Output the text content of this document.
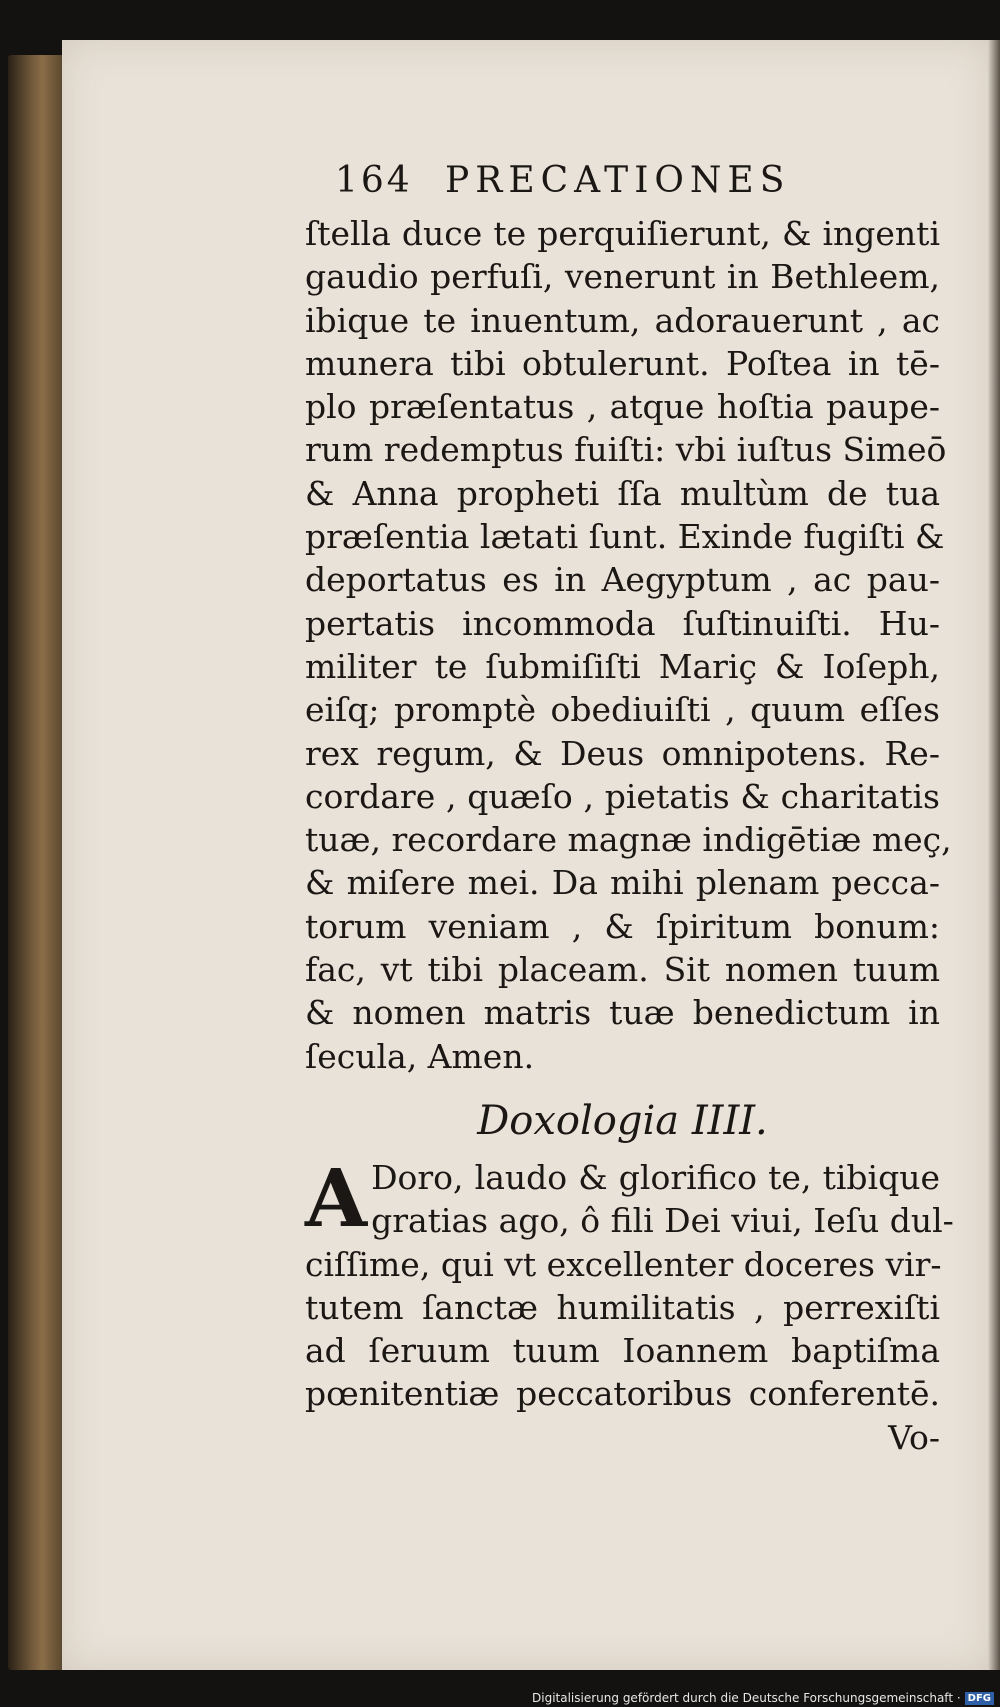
164 PRECATIONES
ſtella duce te perquiſierunt, & ingenti
gaudio perfuſi, venerunt in Bethleem,
ibique te inuentum, adorauerunt , ac
munera tibi obtulerunt. Poſtea in tē-
plo præſentatus , atque hoſtia paupe-
rum redemptus fuiſti: vbi iuſtus Simeō
& Anna propheti ſſa multùm de tua
præſentia lætati ſunt. Exinde fugiſti &
deportatus es in Aegyptum , ac pau-
pertatis incommoda ſuſtinuiſti. Hu-
militer te ſubmiſiſti Mariç & Ioſeph,
eiſq; promptè obediuiſti , quum eſſes
rex regum, & Deus omnipotens. Re-
cordare , quæſo , pietatis & charitatis
tuæ, recordare magnæ indigētiæ meç,
& miſere mei. Da mihi plenam pecca-
torum veniam , & ſpiritum bonum:
fac, vt tibi placeam. Sit nomen tuum
& nomen matris tuæ benedictum in
ſecula, Amen.
Doxologia IIII.
A Doro, laudo & glorifico te, tibique
gratias ago, ô fili Dei viui, Ieſu dul-
ciſſime, qui vt excellenter doceres vir-
tutem ſanctæ humilitatis , perrexiſti
ad ſeruum tuum Ioannem baptiſma
pœnitentiæ peccatoribus conferentē.
Vo-
Digitalisierung gefördert durch die Deutsche Forschungsgemeinschaft · DFG
